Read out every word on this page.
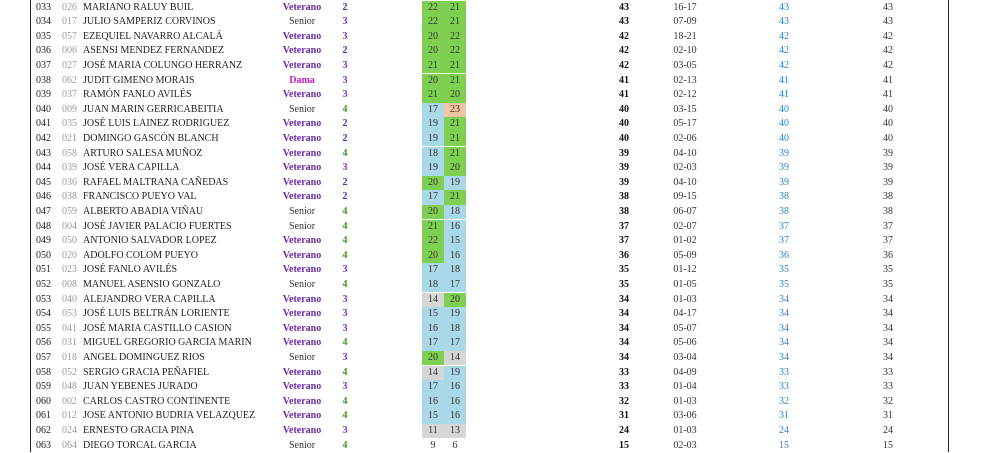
033	026 MARIANO RALUY BUIL	Veterano	2	22	21	43	16-17	43	43
034	017 JULIO SAMPERIZ CORVINOS	Senior	3	22	21	43	07-09	43	43
035	057 EZEQUIEL NAVARRO ALCALÁ	Veterano	3	20	22	42	18-21	42	42
036	006 ASENSI MENDEZ FERNANDEZ	Veterano	2	20	22	42	02-10	42	42
037	027 JOSÉ MARIA COLUNGO HERRANZ	Veterano	3	21	21	42	03-05	42	42
038	062 JUDIT GIMENO MORAIS	Dama	3	20	21	41	02-13	41	41
039	037 RAMÓN FANLO AVILÉS	Veterano	3	21	20	41	02-12	41	41
040	009 JUAN MARIN GERRICABEITIA	Senior	4	17	23	40	03-15	40	40
041	035 JOSÉ LUIS LAINEZ RODRIGUEZ	Veterano	2	19	21	40	05-17	40	40
042	021 DOMINGO GASCÓN BLANCH	Veterano	2	19	21	40	02-06	40	40
043	058 ARTURO SALESA MUÑOZ	Veterano	4	18	21	39	04-10	39	39
044	039 JOSÉ VERA CAPILLA	Veterano	3	19	20	39	02-03	39	39
045	036 RAFAEL MALTRANA CAÑEDAS	Veterano	2	20	19	39	04-10	39	39
046	038 FRANCISCO PUEYO VAL	Veterano	2	17	21	38	09-15	38	38
047	059 ALBERTO ABADIA VIÑAU	Senior	4	20	18	38	06-07	38	38
048	004 JOSÉ JAVIER PALACIO FUERTES	Senior	4	21	16	37	02-07	37	37
049	050 ANTONIO SALVADOR LOPEZ	Veterano	4	22	15	37	01-02	37	37
050	020 ADOLFO COLOM PUEYO	Veterano	4	20	16	36	05-09	36	36
051	023 JOSÉ FANLO AVILÉS	Veterano	3	17	18	35	01-12	35	35
052	008 MANUEL ASENSIO GONZALO	Senior	4	18	17	35	01-05	35	35
053	040 ALEJANDRO VERA CAPILLA	Veterano	3	14	20	34	01-03	34	34
054	053 JOSÉ LUIS BELTRÁN LORIENTE	Veterano	3	15	19	34	04-17	34	34
055	041 JOSÉ MARIA CASTILLO CASION	Veterano	3	16	18	34	05-07	34	34
056	031 MIGUEL GREGORIO GARCIA MARIN	Veterano	4	17	17	34	05-06	34	34
057	018 ANGEL DOMINGUEZ RIOS	Senior	3	20	14	34	03-04	34	34
058	052 SERGIO GRACIA PEÑAFIEL	Veterano	4	14	19	33	04-09	33	33
059	048 JUAN YEBENES JURADO	Veterano	3	17	16	33	01-04	33	33
060	002 CARLOS CASTRO CONTINENTE	Veterano	4	16	16	32	01-03	32	32
061	012 JOSE ANTONIO BUDRIA VELAZQUEZ	Veterano	4	15	16	31	03-06	31	31
062	024 ERNESTO GRACIA PINA	Veterano	3	11	13	24	01-03	24	24
063	064 DIEGO TORCAL GARCIA	Senior	4	9	6	15	02-03	15	15
